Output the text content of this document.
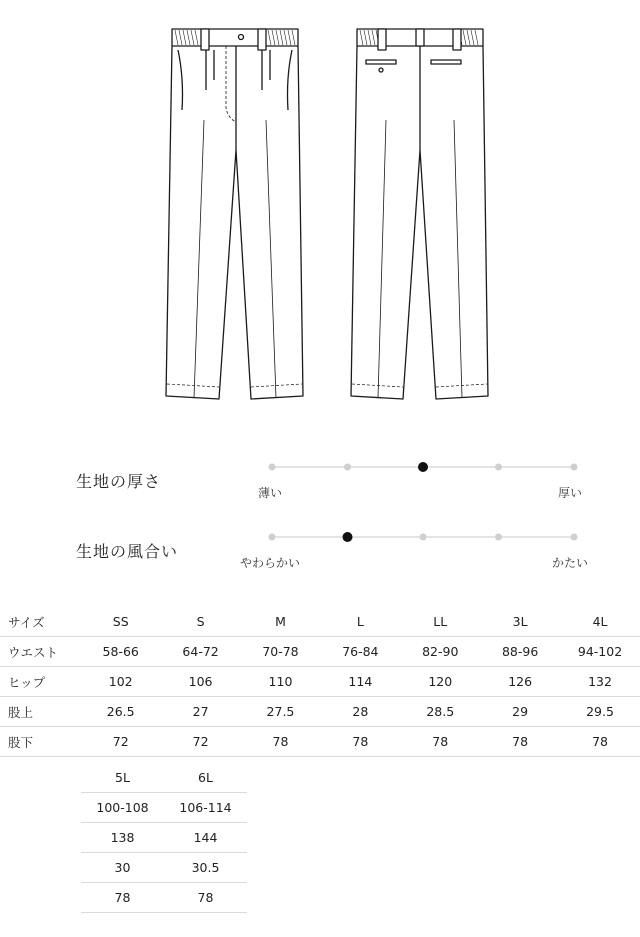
生地の厚さ
薄い	厚い
生地の風合い
やわらかい	かたい
サイズ	SS	S	M	L	LL	3L	4L
ウエスト	58-66	64-72	70-78	76-84	82-90	88-96	94-102
ヒップ	102	106	110	114	120	126	132
股上	26.5	27	27.5	28	28.5	29	29.5
股下	72	72	78	78	78	78	78
5L	6L
100-108	106-114
138	144
30	30.5
78	78
